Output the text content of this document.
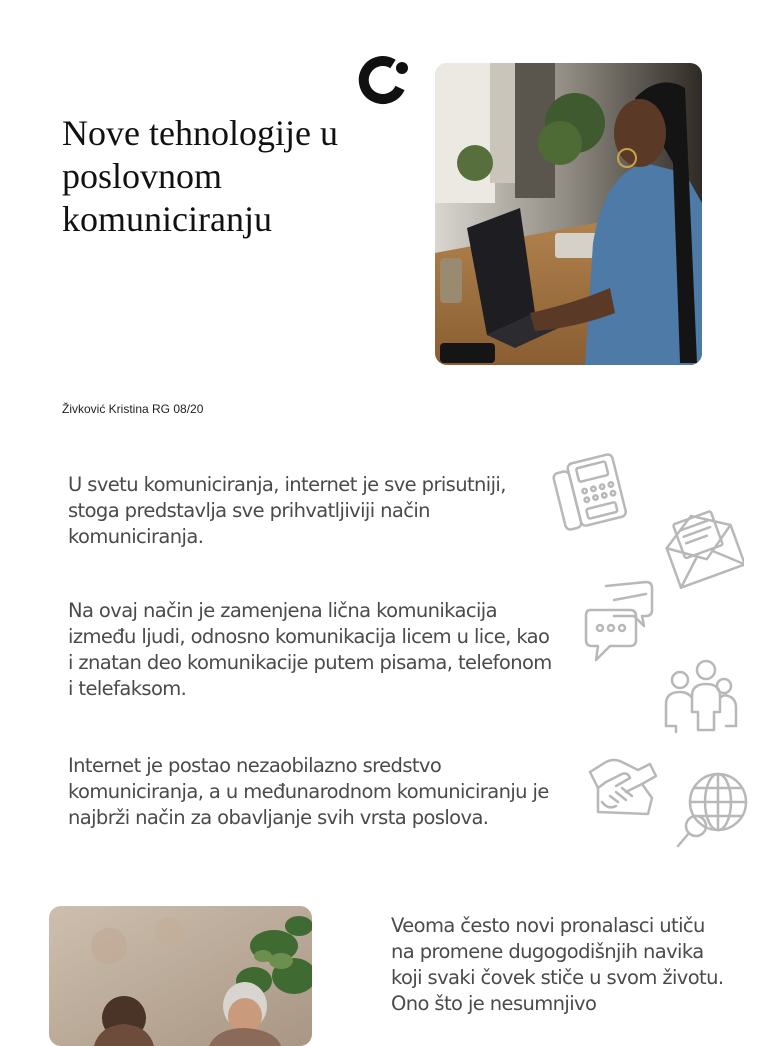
Nove tehnologije u poslovnom komuniciranju
Živković Kristina RG 08/20

U svetu komuniciranja, internet je sve prisutniji, stoga predstavlja sve prihvatljiviji način komuniciranja.

Na ovaj način je zamenjena lična komunikacija između ljudi, odnosno komunikacija licem u lice, kao i znatan deo komunikacije putem pisama, telefonom i telefaksom.

Internet je postao nezaobilazno sredstvo komuniciranja, a u međunarodnom komuniciranju je najbrži način za obavljanje svih vrsta poslova.

Veoma često novi pronalasci utiču na promene dugogodišnjih navika koji svaki čovek stiče u svom životu. Ono što je nesumnjivo
